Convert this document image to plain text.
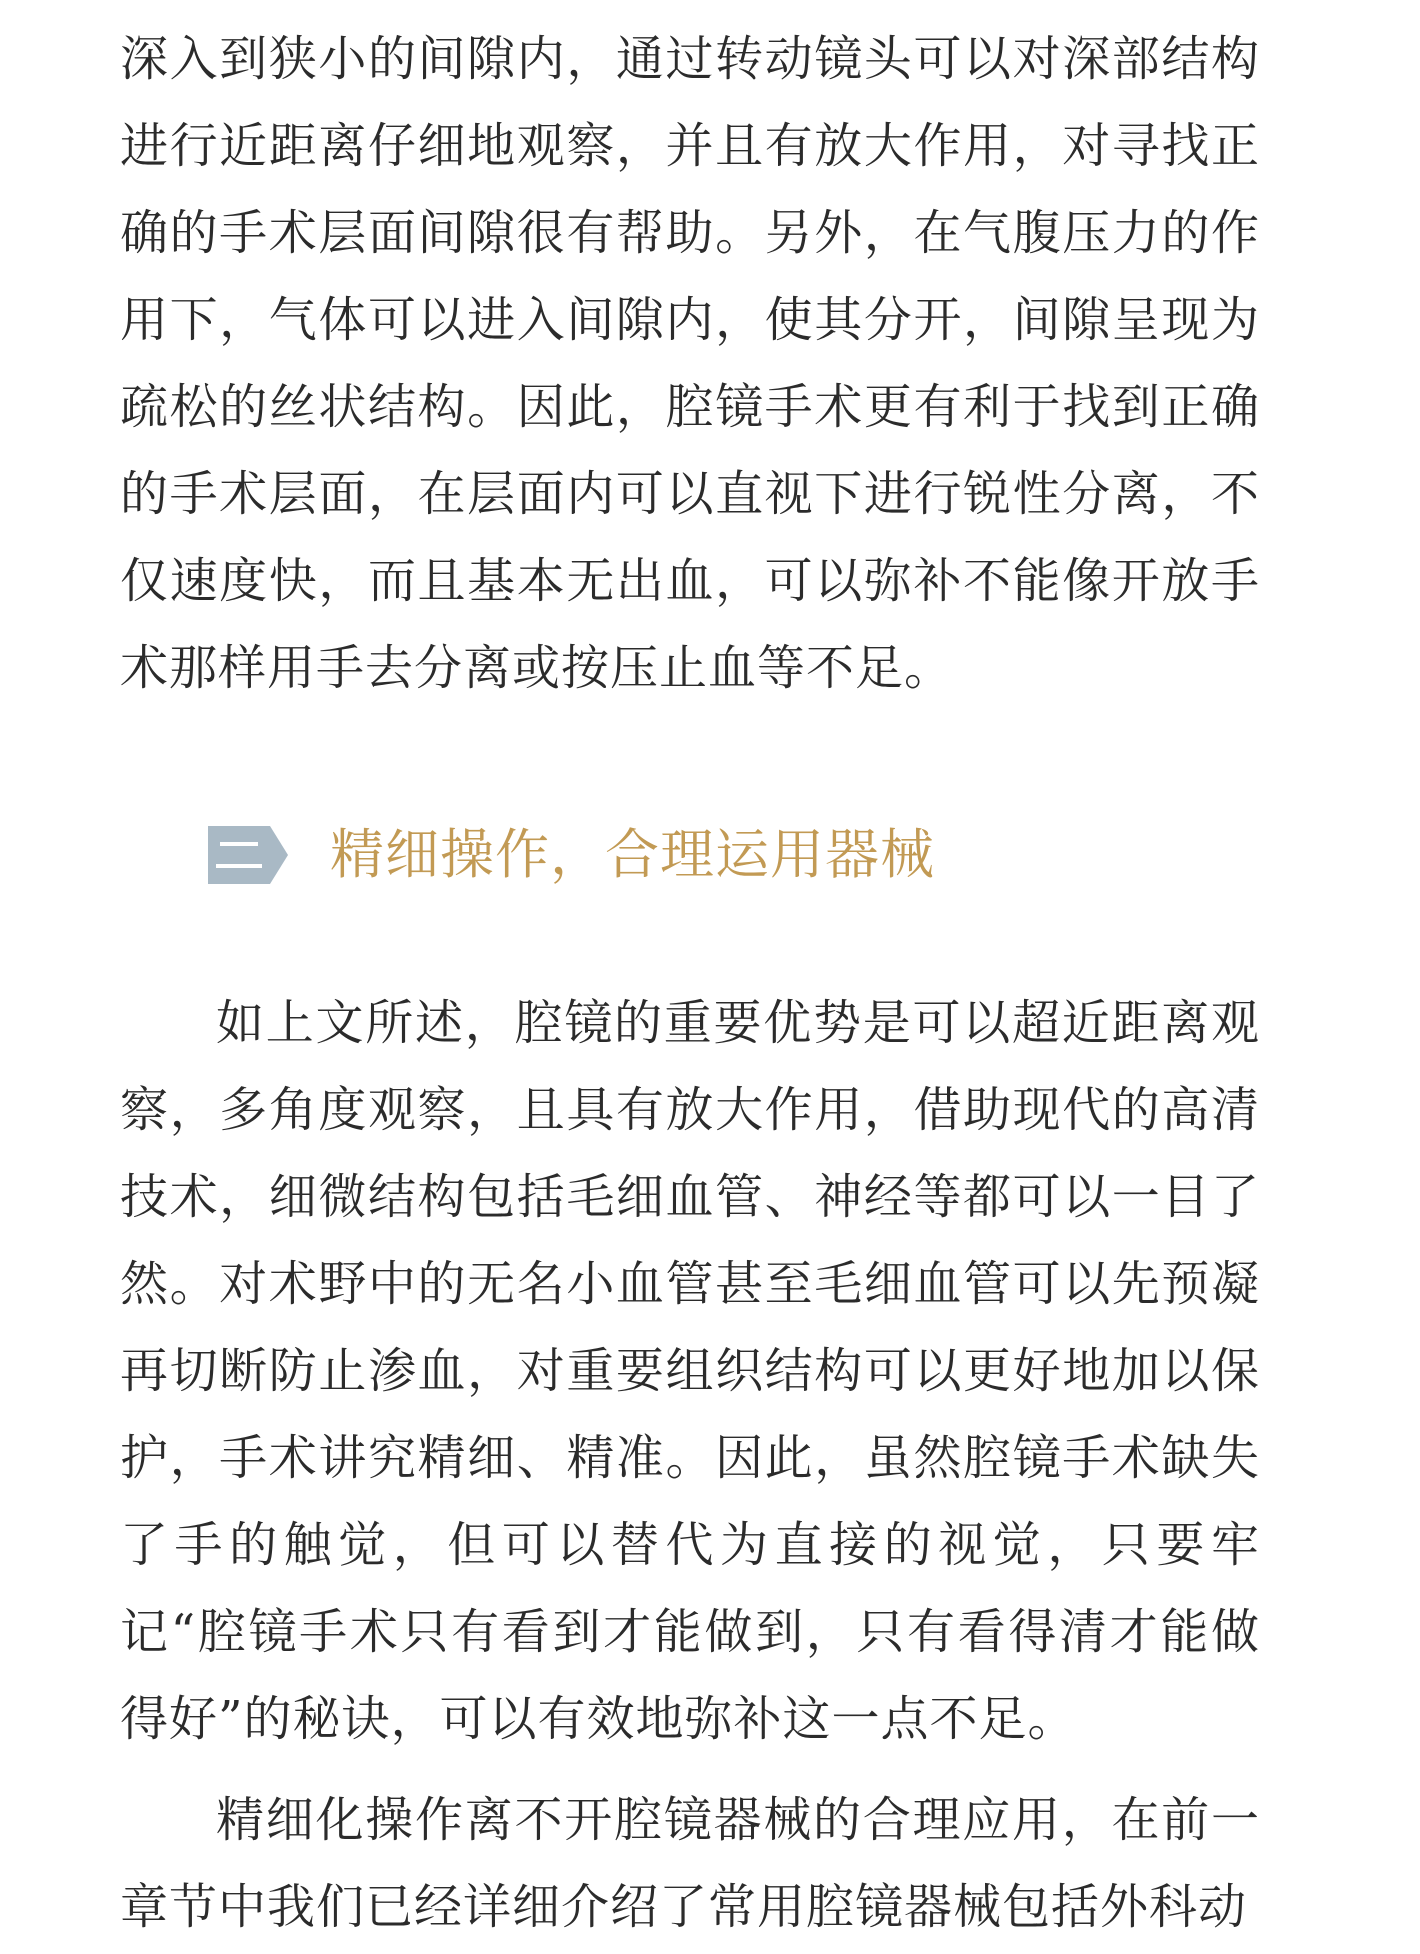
深入到狭小的间隙内，通过转动镜头可以对深部结构进行近距离仔细地观察，并且有放大作用，对寻找正确的手术层面间隙很有帮助。另外，在气腹压力的作用下，气体可以进入间隙内，使其分开，间隙呈现为疏松的丝状结构。因此，腔镜手术更有利于找到正确的手术层面，在层面内可以直视下进行锐性分离，不仅速度快，而且基本无出血，可以弥补不能像开放手术那样用手去分离或按压止血等不足。

精细操作，合理运用器械

如上文所述，腔镜的重要优势是可以超近距离观察，多角度观察，且具有放大作用，借助现代的高清技术，细微结构包括毛细血管、神经等都可以一目了然。对术野中的无名小血管甚至毛细血管可以先预凝再切断防止渗血，对重要组织结构可以更好地加以保护，手术讲究精细、精准。因此，虽然腔镜手术缺失了手的触觉，但可以替代为直接的视觉，只要牢记“腔镜手术只有看到才能做到，只有看得清才能做得好”的秘诀，可以有效地弥补这一点不足。

精细化操作离不开腔镜器械的合理应用，在前一章节中我们已经详细介绍了常用腔镜器械包括外科动
